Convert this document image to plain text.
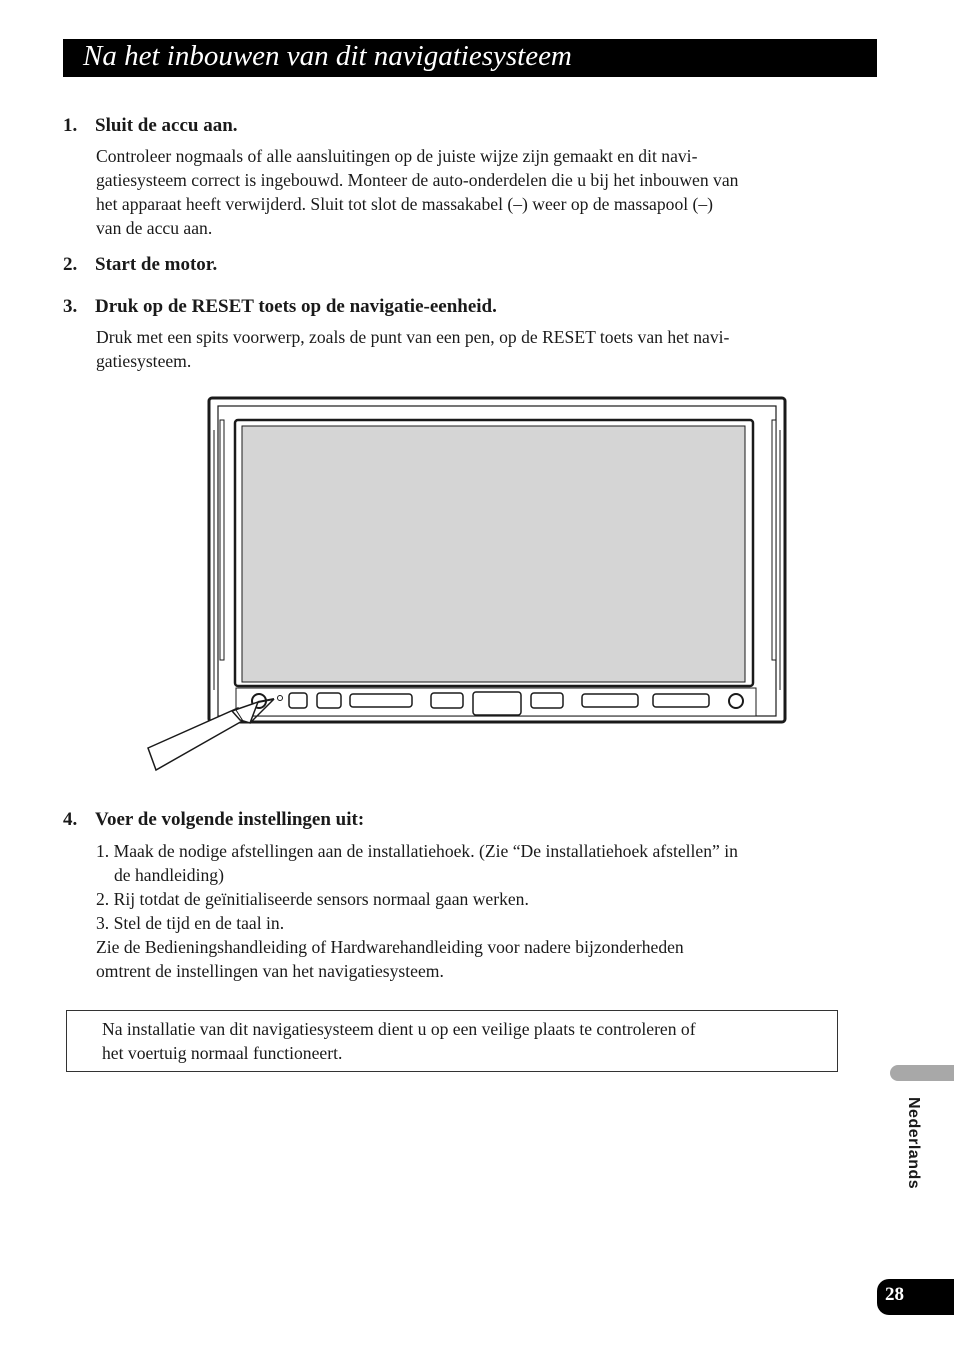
Na het inbouwen van dit navigatiesysteem
1. Sluit de accu aan.

Controleer nogmaals of alle aansluitingen op de juiste wijze zijn gemaakt en dit navi-

gatiesysteem correct is ingebouwd. Monteer de auto-onderdelen die u bij het inbouwen van

het apparaat heeft verwijderd. Sluit tot slot de massakabel (–) weer op de massapool (–)

van de accu aan.

2. Start de motor.
3. Druk op de RESET toets op de navigatie-eenheid.

Druk met een spits voorwerp, zoals de punt van een pen, op de RESET toets van het navi-

gatiesysteem.

4. Voer de volgende instellingen uit:

1. Maak de nodige afstellingen aan de installatiehoek. (Zie “De installatiehoek afstellen” in

de handleiding)

2. Rij totdat de geïnitialiseerde sensors normaal gaan werken.

3. Stel de tijd en de taal in.

Zie de Bedieningshandleiding of Hardwarehandleiding voor nadere bijzonderheden

omtrent de instellingen van het navigatiesysteem.

Na installatie van dit navigatiesysteem dient u op een veilige plaats te controleren of

het voertuig normaal functioneert.

Nederlands
28
